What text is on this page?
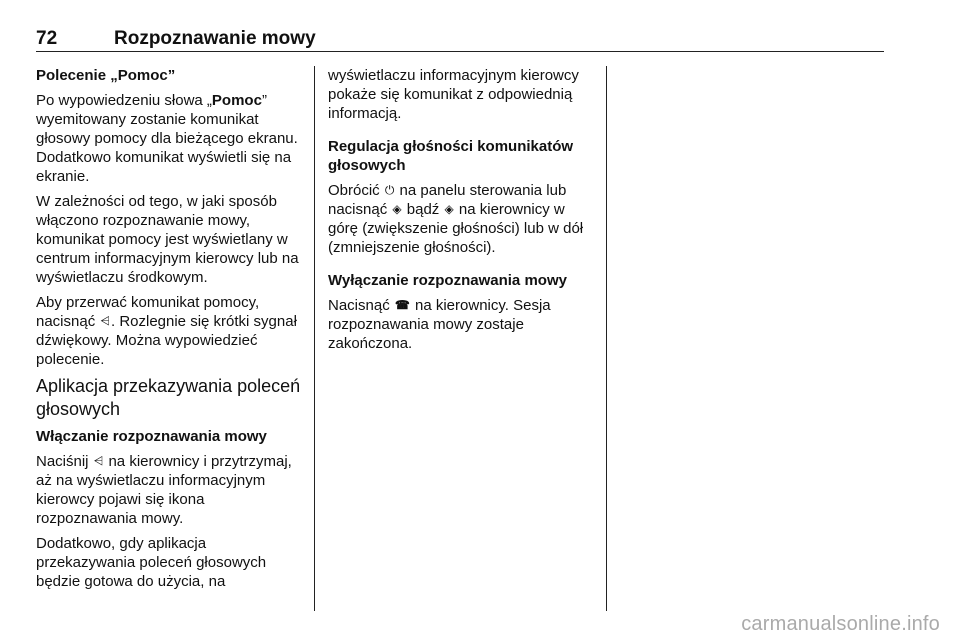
72	Rozpoznawanie mowy

Polecenie „Pomoc”

Po wypowiedzeniu słowa „Pomoc” wyemitowany zostanie komunikat głosowy pomocy dla bieżącego ekranu. Dodatkowo komunikat wyświetli się na ekranie.

W zależności od tego, w jaki sposób włączono rozpoznawanie mowy, komunikat pomocy jest wyświetlany w centrum informacyjnym kierowcy lub na wyświetlaczu środkowym.

Aby przerwać komunikat pomocy, nacisnąć ⩤. Rozlegnie się krótki sygnał dźwiękowy. Można wypowiedzieć polecenie.

Aplikacja przekazywania poleceń głosowych

Włączanie rozpoznawania mowy

Naciśnij ⩤ na kierownicy i przytrzymaj, aż na wyświetlaczu informacyjnym kierowcy pojawi się ikona rozpoznawania mowy.

Dodatkowo, gdy aplikacja przekazywania poleceń głosowych będzie gotowa do użycia, na

wyświetlaczu informacyjnym kierowcy pokaże się komunikat z odpowiednią informacją.

Regulacja głośności komunikatów głosowych

Obrócić ⏻ na panelu sterowania lub nacisnąć ◈ bądź ◈ na kierownicy w górę (zwiększenie głośności) lub w dół (zmniejszenie głośności).

Wyłączanie rozpoznawania mowy

Nacisnąć ☎ na kierownicy. Sesja rozpoznawania mowy zostaje zakończona.

carmanualsonline.info
